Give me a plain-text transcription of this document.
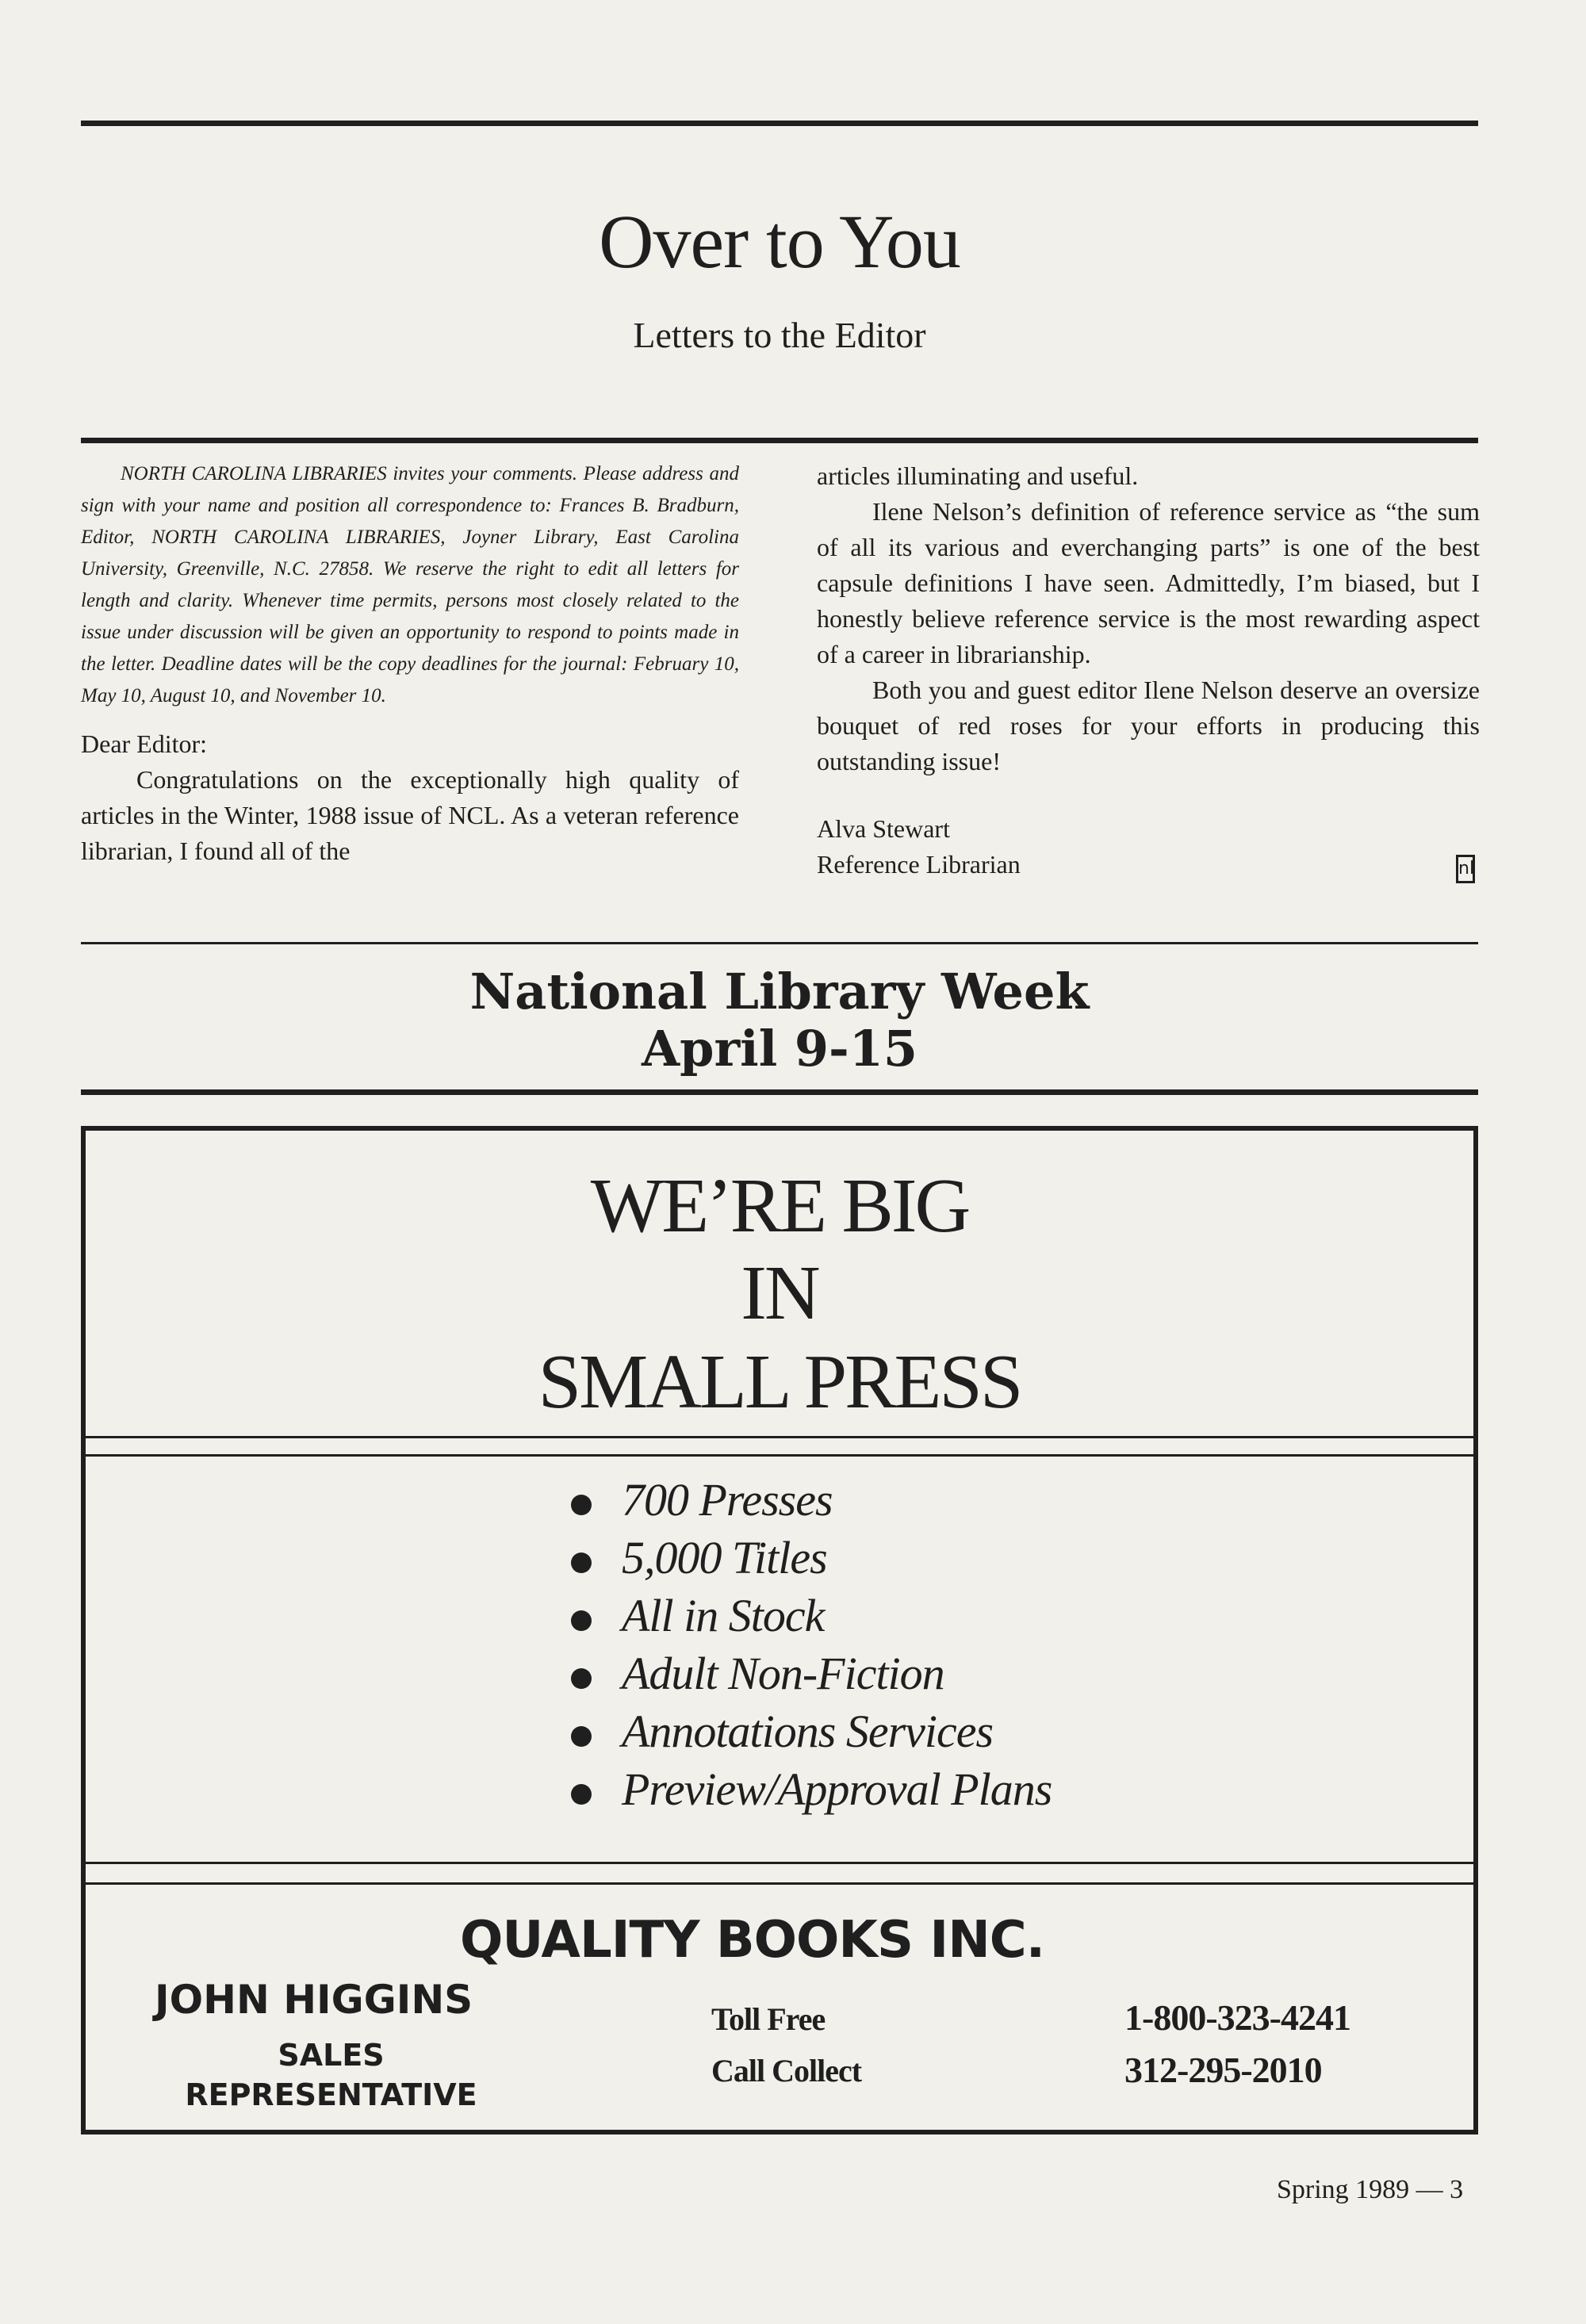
Over to You
Letters to the Editor

NORTH CAROLINA LIBRARIES invites your comments. Please address and sign with your name and position all correspondence to: Frances B. Bradburn, Editor, NORTH CAROLINA LIBRARIES, Joyner Library, East Carolina University, Greenville, N.C. 27858. We reserve the right to edit all letters for length and clarity. Whenever time permits, persons most closely related to the issue under discussion will be given an opportunity to respond to points made in the letter. Deadline dates will be the copy deadlines for the journal: February 10, May 10, August 10, and November 10.

Dear Editor:

Congratulations on the exceptionally high quality of articles in the Winter, 1988 issue of NCL. As a veteran reference librarian, I found all of the

articles illuminating and useful.

Ilene Nelson’s definition of reference service as “the sum of all its various and everchanging parts” is one of the best capsule definitions I have seen. Admittedly, I’m biased, but I honestly believe reference service is the most rewarding aspect of a career in librarianship.

Both you and guest editor Ilene Nelson deserve an oversize bouquet of red roses for your efforts in producing this outstanding issue!

Alva Stewart

Reference Librarian	nl
National Library Week
April 9-15
WE’RE BIG
IN
SMALL PRESS
700 Presses
5,000 Titles
All in Stock
Adult Non-Fiction
Annotations Services
Preview/Approval Plans
QUALITY BOOKS INC.
JOHN HIGGINS
SALES
REPRESENTATIVE
Toll Free	1-800-323-4241
Call Collect	312-295-2010
Spring 1989 — 3
